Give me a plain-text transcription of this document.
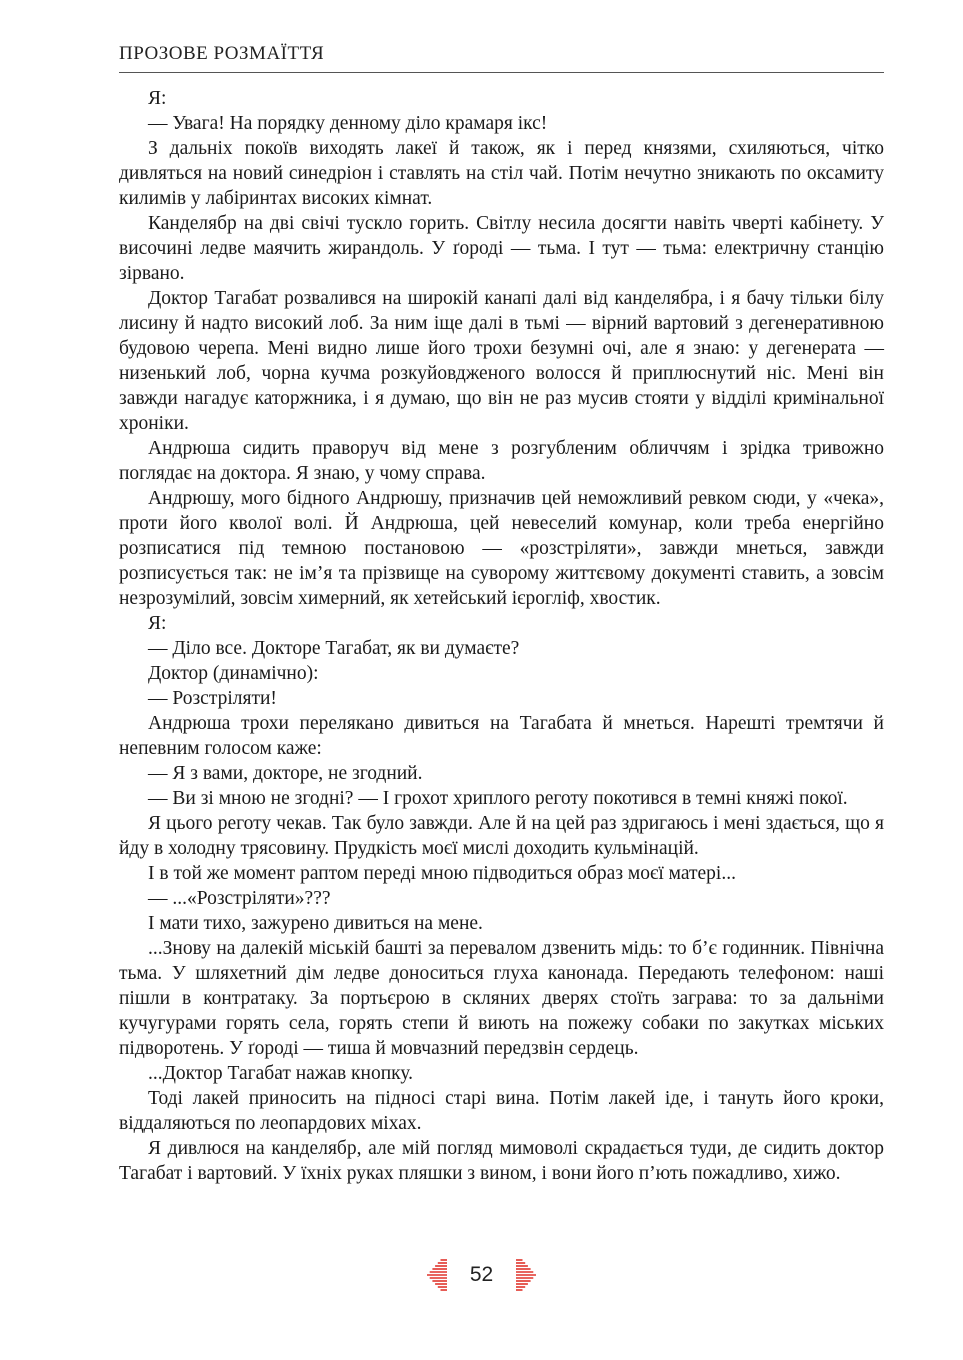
ПРОЗОВЕ РОЗМАЇТТЯ

Я:

— Увага! На порядку денному діло крамаря ікс!

З дальніх покоїв виходять лакеї й також, як і перед князями, схиляються, чітко дивляться на новий синедріон і ставлять на стіл чай. Потім нечутно зникають по оксамиту килимів у лабіринтах високих кімнат.

Канделябр на дві свічі тускло горить. Світлу несила досягти навіть чверті кабінету. У височині ледве маячить жирандоль. У ґороді — тьма. І тут — тьма: електричну станцію зірвано.

Доктор Тагабат розвалився на широкій канапі далі від канделябра, і я бачу тільки білу лисину й надто високий лоб. За ним іще далі в тьмі — вірний вартовий з дегенеративною будовою черепа. Мені видно лише його трохи безумні очі, але я знаю: у дегенерата — низенький лоб, чорна кучма розкуйовдженого волосся й приплюснутий ніс. Мені він завжди нагадує каторжника, і я думаю, що він не раз мусив стояти у відділі кримінальної хроніки.

Андрюша сидить праворуч від мене з розгубленим обличчям і зрідка тривожно поглядає на доктора. Я знаю, у чому справа.

Андрюшу, мого бідного Андрюшу, призначив цей неможливий ревком сюди, у «чека», проти його кволої волі. Й Андрюша, цей невеселий комунар, коли треба енергійно розписатися під темною постановою — «розстріляти», завжди мнеться, завжди розписується так: не ім’я та прізвище на суворому життєвому документі ставить, а зовсім незрозумілий, зовсім химерний, як хетейський ієрогліф, хвостик.

Я:

— Діло все. Докторе Тагабат, як ви думаєте?

Доктор (динамічно):

— Розстріляти!

Андрюша трохи перелякано дивиться на Тагабата й мнеться. Нарешті тремтячи й непевним голосом каже:

— Я з вами, докторе, не згодний.

— Ви зі мною не згодні? — І грохот хриплого реготу покотився в темні княжі покої.

Я цього реготу чекав. Так було завжди. Але й на цей раз здригаюсь і мені здається, що я йду в холодну трясовину. Прудкість моєї мислі доходить кульмінацій.

І в той же момент раптом переді мною підводиться образ моєї матері...

— ...«Розстріляти»???

І мати тихо, зажурено дивиться на мене.

...Знову на далекій міській башті за перевалом дзвенить мідь: то б’є годинник. Північна тьма. У шляхетний дім ледве доноситься глуха канонада. Передають телефоном: наші пішли в контратаку. За портьєрою в скляних дверях стоїть заграва: то за дальніми кучугурами горять села, горять степи й виють на пожежу собаки по закутках міських підворотень. У ґороді — тиша й мовчазний передзвін сердець.

...Доктор Тагабат нажав кнопку.

Тоді лакей приносить на підносі старі вина. Потім лакей іде, і тануть його кроки, віддаляються по леопардових міхах.

Я дивлюся на канделябр, але мій погляд мимоволі скрадається туди, де сидить доктор Тагабат і вартовий. У їхніх руках пляшки з вином, і вони його п’ють пожадливо, хижо.

52
